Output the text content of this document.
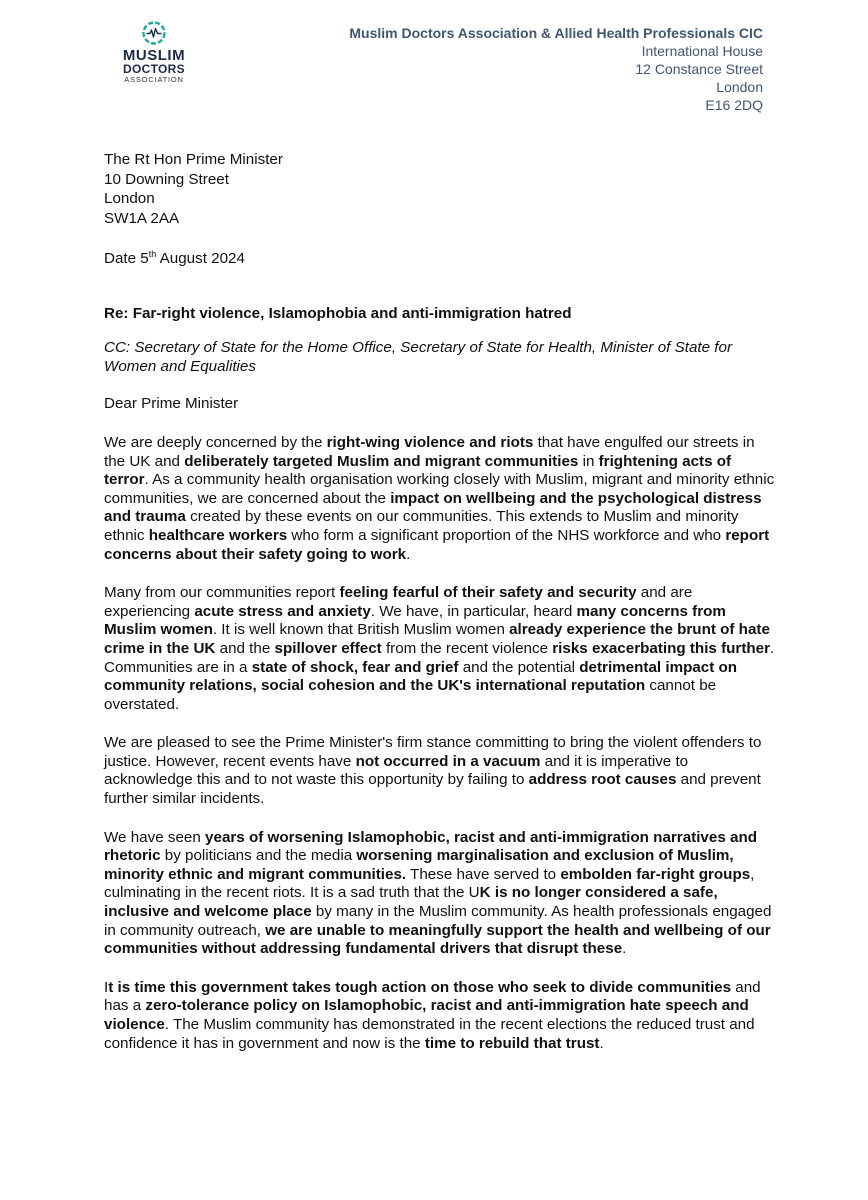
MUSLIM
DOCTORS
ASSOCIATION
Muslim Doctors Association & Allied Health Professionals CIC
International House
12 Constance Street
London
E16 2DQ
The Rt Hon Prime Minister
10 Downing Street
London
SW1A 2AA
Date 5th August 2024
Re: Far-right violence, Islamophobia and anti-immigration hatred
CC: Secretary of State for the Home Office, Secretary of State for Health, Minister of State for Women and Equalities
Dear Prime Minister

We are deeply concerned by the right-wing violence and riots that have engulfed our streets in the UK and deliberately targeted Muslim and migrant communities in frightening acts of terror. As a community health organisation working closely with Muslim, migrant and minority ethnic communities, we are concerned about the impact on wellbeing and the psychological distress and trauma created by these events on our communities. This extends to Muslim and minority ethnic healthcare workers who form a significant proportion of the NHS workforce and who report concerns about their safety going to work.

Many from our communities report feeling fearful of their safety and security and are experiencing acute stress and anxiety. We have, in particular, heard many concerns from Muslim women. It is well known that British Muslim women already experience the brunt of hate crime in the UK and the spillover effect from the recent violence risks exacerbating this further. Communities are in a state of shock, fear and grief and the potential detrimental impact on community relations, social cohesion and the UK's international reputation cannot be overstated.

We are pleased to see the Prime Minister's firm stance committing to bring the violent offenders to justice. However, recent events have not occurred in a vacuum and it is imperative to acknowledge this and to not waste this opportunity by failing to address root causes and prevent further similar incidents.

We have seen years of worsening Islamophobic, racist and anti-immigration narratives and rhetoric by politicians and the media worsening marginalisation and exclusion of Muslim, minority ethnic and migrant communities. These have served to embolden far-right groups, culminating in the recent riots. It is a sad truth that the UK is no longer considered a safe, inclusive and welcome place by many in the Muslim community. As health professionals engaged in community outreach, we are unable to meaningfully support the health and wellbeing of our communities without addressing fundamental drivers that disrupt these.

It is time this government takes tough action on those who seek to divide communities and has a zero-tolerance policy on Islamophobic, racist and anti-immigration hate speech and violence. The Muslim community has demonstrated in the recent elections the reduced trust and confidence it has in government and now is the time to rebuild that trust.
